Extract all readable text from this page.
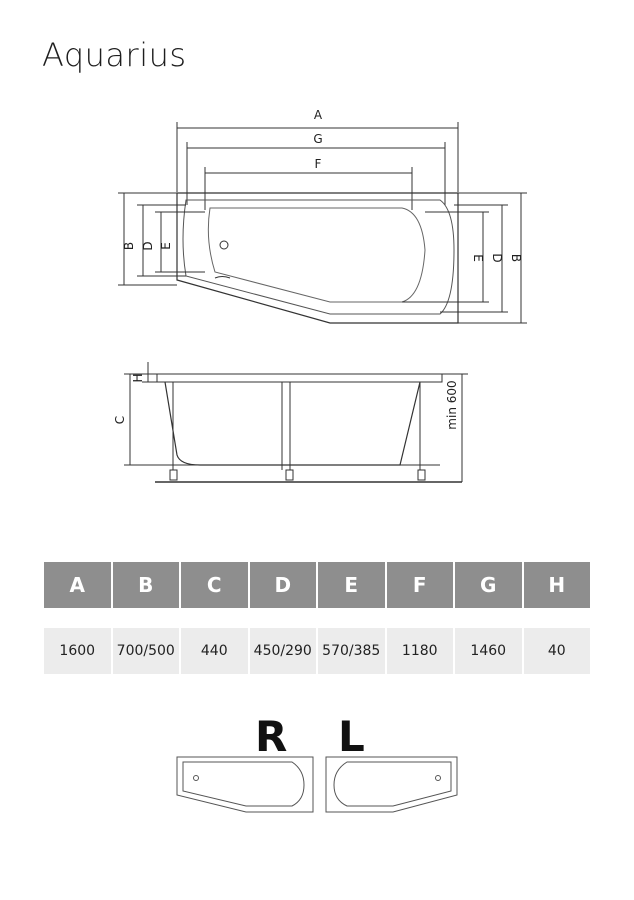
Aquarius
A
G
F
B D E
E D B
C
H
min 600
A	B	C	D	E	F	G	H

1600	700/500	440	450/290	570/385	1180	1460	40
R L
